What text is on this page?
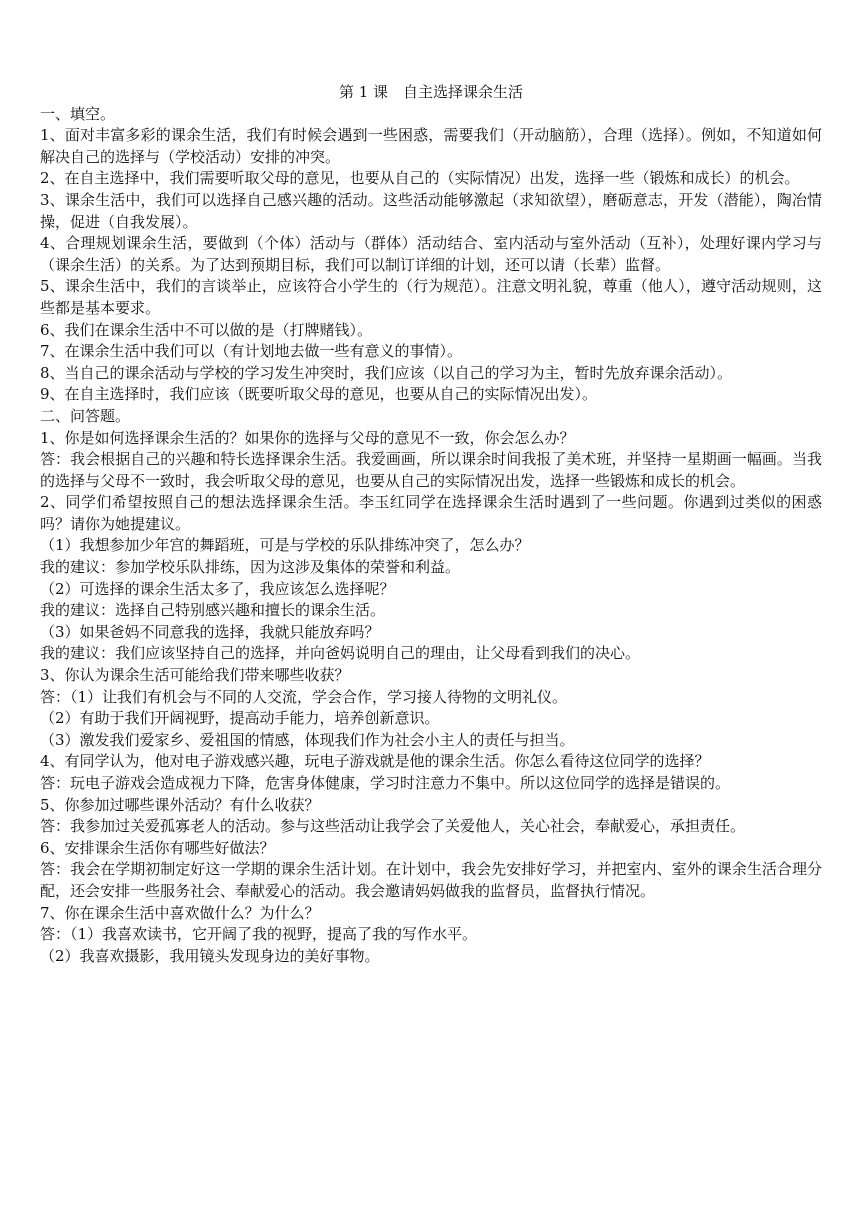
第 1 课　自主选择课余生活

一、填空。

1、面对丰富多彩的课余生活，我们有时候会遇到一些困惑，需要我们（开动脑筋），合理（选择）。例如，不知道如何解决自己的选择与（学校活动）安排的冲突。

2、在自主选择中，我们需要听取父母的意见，也要从自己的（实际情况）出发，选择一些（锻炼和成长）的机会。

3、课余生活中，我们可以选择自己感兴趣的活动。这些活动能够激起（求知欲望），磨砺意志，开发（潜能），陶冶情操，促进（自我发展）。

4、合理规划课余生活，要做到（个体）活动与（群体）活动结合、室内活动与室外活动（互补），处理好课内学习与（课余生活）的关系。为了达到预期目标，我们可以制订详细的计划，还可以请（长辈）监督。

5、课余生活中，我们的言谈举止，应该符合小学生的（行为规范）。注意文明礼貌，尊重（他人），遵守活动规则，这些都是基本要求。

6、我们在课余生活中不可以做的是（打牌赌钱）。

7、在课余生活中我们可以（有计划地去做一些有意义的事情）。

8、当自己的课余活动与学校的学习发生冲突时，我们应该（以自己的学习为主，暂时先放弃课余活动）。

9、在自主选择时，我们应该（既要听取父母的意见，也要从自己的实际情况出发）。

二、问答题。

1、你是如何选择课余生活的？如果你的选择与父母的意见不一致，你会怎么办？

答：我会根据自己的兴趣和特长选择课余生活。我爱画画，所以课余时间我报了美术班，并坚持一星期画一幅画。当我的选择与父母不一致时，我会听取父母的意见，也要从自己的实际情况出发，选择一些锻炼和成长的机会。

2、同学们希望按照自己的想法选择课余生活。李玉红同学在选择课余生活时遇到了一些问题。你遇到过类似的困惑吗？请你为她提建议。

（1）我想参加少年宫的舞蹈班，可是与学校的乐队排练冲突了，怎么办？

我的建议：参加学校乐队排练，因为这涉及集体的荣誉和利益。

（2）可选择的课余生活太多了，我应该怎么选择呢？

我的建议：选择自己特别感兴趣和擅长的课余生活。

（3）如果爸妈不同意我的选择，我就只能放弃吗？

我的建议：我们应该坚持自己的选择，并向爸妈说明自己的理由，让父母看到我们的决心。

3、你认为课余生活可能给我们带来哪些收获？

答：（1）让我们有机会与不同的人交流，学会合作，学习接人待物的文明礼仪。

（2）有助于我们开阔视野，提高动手能力，培养创新意识。

（3）激发我们爱家乡、爱祖国的情感，体现我们作为社会小主人的责任与担当。

4、有同学认为，他对电子游戏感兴趣，玩电子游戏就是他的课余生活。你怎么看待这位同学的选择？

答：玩电子游戏会造成视力下降，危害身体健康，学习时注意力不集中。所以这位同学的选择是错误的。

5、你参加过哪些课外活动？有什么收获？

答：我参加过关爱孤寡老人的活动。参与这些活动让我学会了关爱他人，关心社会，奉献爱心，承担责任。

6、安排课余生活你有哪些好做法？

答：我会在学期初制定好这一学期的课余生活计划。在计划中，我会先安排好学习，并把室内、室外的课余生活合理分配，还会安排一些服务社会、奉献爱心的活动。我会邀请妈妈做我的监督员，监督执行情况。

7、你在课余生活中喜欢做什么？为什么？

答：（1）我喜欢读书，它开阔了我的视野，提高了我的写作水平。

（2）我喜欢摄影，我用镜头发现身边的美好事物。
